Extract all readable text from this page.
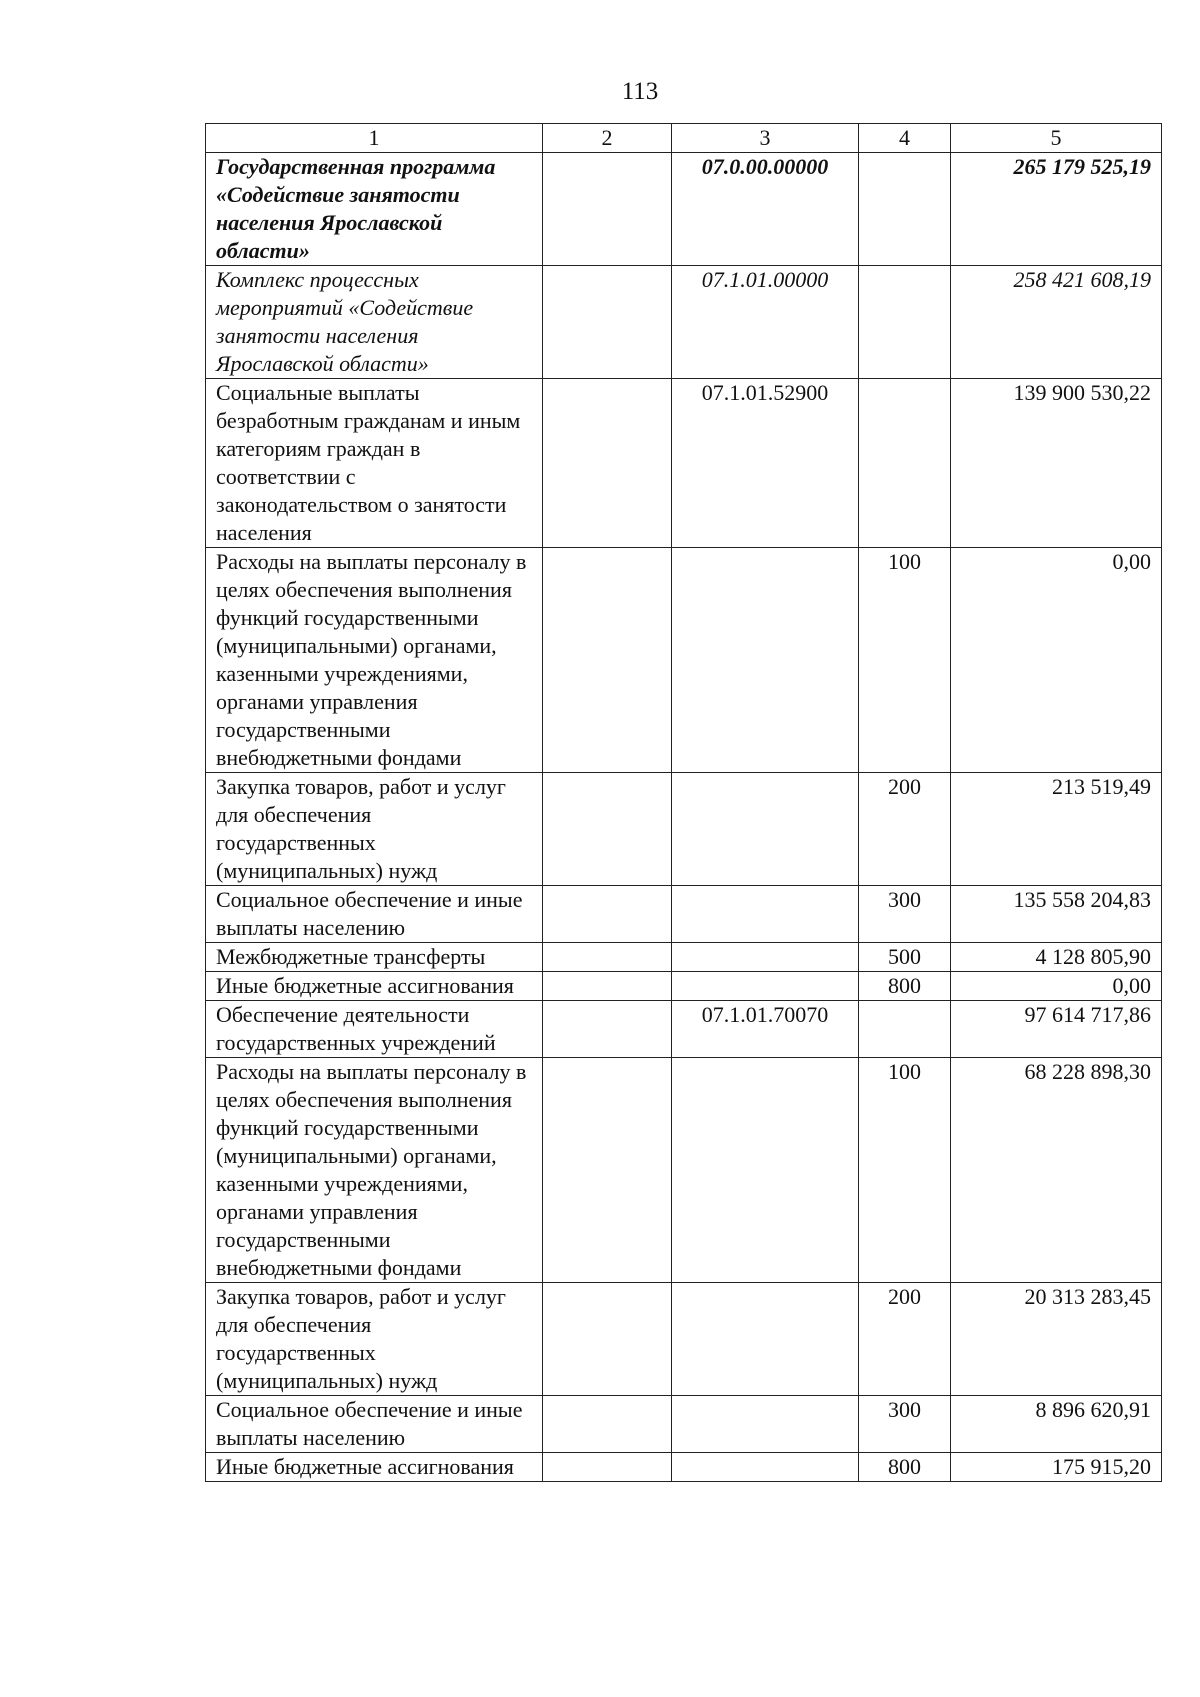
113
1	2	3	4	5
Государственная программа «Содействие занятости населения Ярославской области»		07.0.00.00000		265 179 525,19
Комплекс процессных мероприятий «Содействие занятости населения Ярославской области»		07.1.01.00000		258 421 608,19
Социальные выплаты безработным гражданам и иным категориям граждан в соответствии с законодательством о занятости населения		07.1.01.52900		139 900 530,22
Расходы на выплаты персоналу в целях обеспечения выполнения функций государственными (муниципальными) органами, казенными учреждениями, органами управления государственными внебюджетными фондами			100	0,00
Закупка товаров, работ и услуг для обеспечения государственных (муниципальных) нужд			200	213 519,49
Социальное обеспечение и иные выплаты населению			300	135 558 204,83
Межбюджетные трансферты			500	4 128 805,90
Иные бюджетные ассигнования			800	0,00
Обеспечение деятельности государственных учреждений		07.1.01.70070		97 614 717,86
Расходы на выплаты персоналу в целях обеспечения выполнения функций государственными (муниципальными) органами, казенными учреждениями, органами управления государственными внебюджетными фондами			100	68 228 898,30
Закупка товаров, работ и услуг для обеспечения государственных (муниципальных) нужд			200	20 313 283,45
Социальное обеспечение и иные выплаты населению			300	8 896 620,91
Иные бюджетные ассигнования			800	175 915,20
